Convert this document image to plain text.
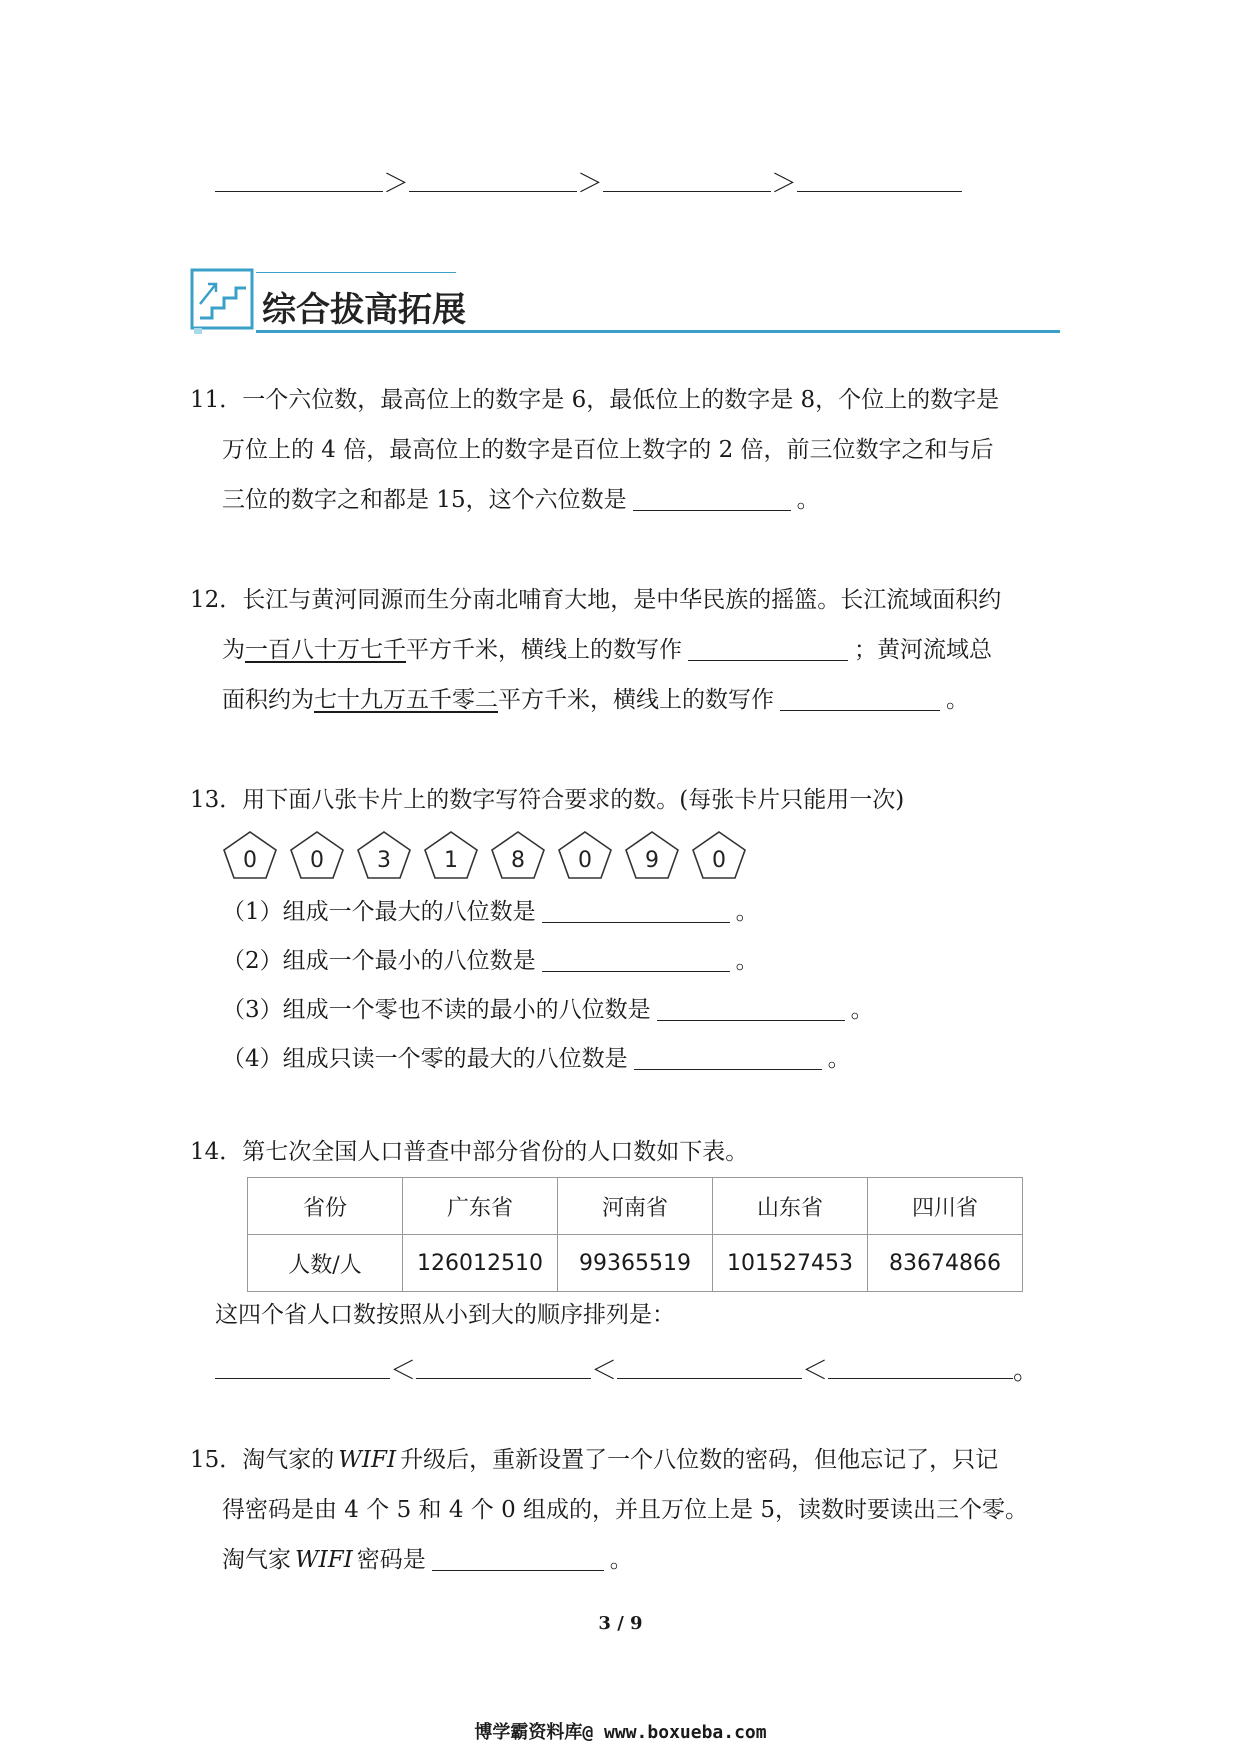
＞	＞	＞
综合拔高拓展
11．一个六位数，最高位上的数字是 6，最低位上的数字是 8，个位上的数字是
万位上的 4 倍，最高位上的数字是百位上数字的 2 倍，前三位数字之和与后
三位的数字之和都是 15，这个六位数是	。
12．长江与黄河同源而生分南北哺育大地，是中华民族的摇篮。长江流域面积约
为一百八十万七千平方千米，横线上的数写作	；黄河流域总
面积约为七十九万五千零二平方千米，横线上的数写作	。
13．用下面八张卡片上的数字写符合要求的数。(每张卡片只能用一次)
0 0 3 1 8 0 9 0
（1）组成一个最大的八位数是	。
（2）组成一个最小的八位数是	。
（3）组成一个零也不读的最小的八位数是	。
（4）组成只读一个零的最大的八位数是	。
14．第七次全国人口普查中部分省份的人口数如下表。
省份	广东省	河南省	山东省	四川省
人数/人	126012510	99365519	101527453	83674866
这四个省人口数按照从小到大的顺序排列是：
＜	＜	＜	。
15．淘气家的 WIFI 升级后，重新设置了一个八位数的密码，但他忘记了，只记
得密码是由 4 个 5 和 4 个 0 组成的，并且万位上是 5，读数时要读出三个零。
淘气家 WIFI 密码是	。
3 / 9
博学霸资料库@ www.boxueba.com
